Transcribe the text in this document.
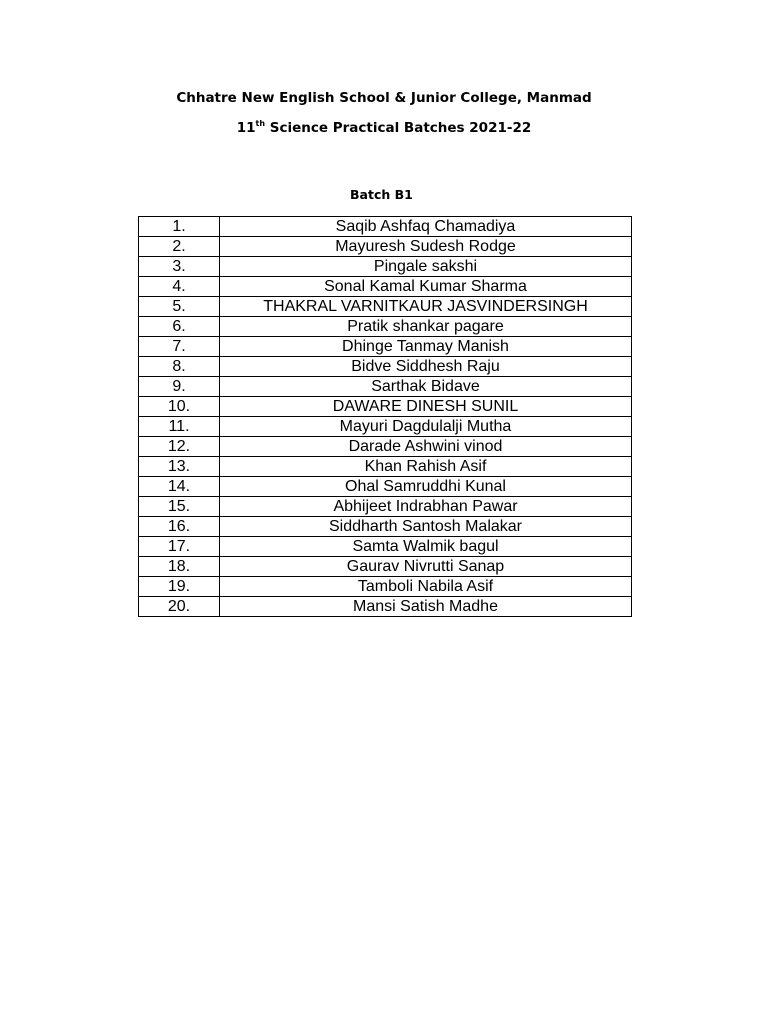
Chhatre New English School & Junior College, Manmad
11th Science Practical Batches 2021-22
Batch B1
1.	Saqib Ashfaq Chamadiya
2.	Mayuresh Sudesh Rodge
3.	Pingale sakshi
4.	Sonal Kamal Kumar Sharma
5.	THAKRAL VARNITKAUR JASVINDERSINGH
6.	Pratik shankar pagare
7.	Dhinge Tanmay Manish
8.	Bidve Siddhesh Raju
9.	Sarthak Bidave
10.	DAWARE DINESH SUNIL
11.	Mayuri Dagdulalji Mutha
12.	Darade Ashwini vinod
13.	Khan Rahish Asif
14.	Ohal Samruddhi Kunal
15.	Abhijeet Indrabhan Pawar
16.	Siddharth Santosh Malakar
17.	Samta Walmik bagul
18.	Gaurav Nivrutti Sanap
19.	Tamboli Nabila Asif
20.	Mansi Satish Madhe
